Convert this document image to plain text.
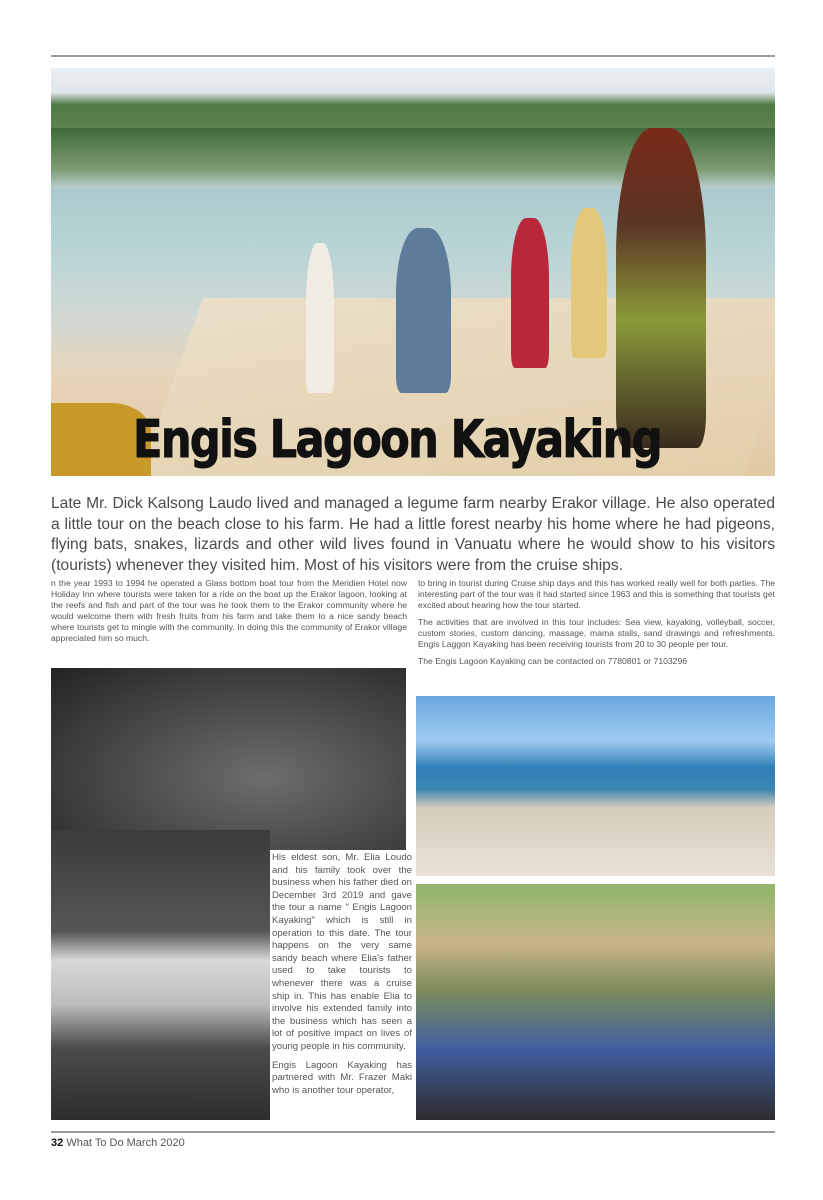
Engis Lagoon Kayaking

Late Mr. Dick Kalsong Laudo lived and managed a legume farm nearby Erakor village. He also operated a little tour on the beach close to his farm. He had a little forest nearby his home where he had pigeons, flying bats, snakes, lizards and other wild lives found in Vanuatu where he would show to his visitors (tourists) whenever they visited him. Most of his visitors were from the cruise ships.

n the year 1993 to 1994 he operated a Glass bottom boat tour from the Meridien Hotel now Holiday Inn where tourists were taken for a ride on the boat up the Erakor lagoon, looking at the reefs and fish and part of the tour was he took them to the Erakor community where he would welcome them with fresh fruits from his farm and take them to a nice sandy beach where tourists get to mingle with the community. In doing this the community of Erakor village appreciated him so much.

to bring in tourist during Cruise ship days and this has worked really well for both parties. The interesting part of the tour was it had started since 1963 and this is something that tourists get excited about hearing how the tour started.

The activities that are involved in this tour includes: Sea view, kayaking, volleyball, soccer, custom stories, custom dancing, massage, mama stalls, sand drawings and refreshments. Engis Laggon Kayaking has been receiving tourists from 20 to 30 people per tour.

The Engis Lagoon Kayaking can be contacted on 7780801 or 7103296

Tourist visiting the site in 1963

His eldest son, Mr. Elia Loudo and his family took over the business when his father died on December 3rd 2019 and gave the tour a name " Engis Lagoon Kayaking" which is still in operation to this date. The tour happens on the very same sandy beach where Elia's father used to take tourists to whenever there was a cruise ship in. This has enable Elia to involve his extended family into the business which has seen a lot of positive impact on lives of young people in his community.

Engis Lagoon Kayaking has partnered with Mr. Frazer Maki who is another tour operator,

32 What To Do March 2020
